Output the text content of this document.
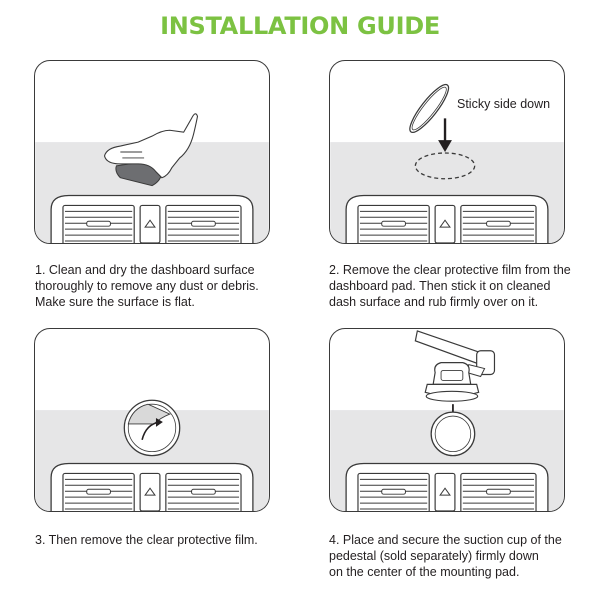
INSTALLATION GUIDE
Sticky side down
1. Clean and dry the dashboard surface
thoroughly to remove any dust or debris.
Make sure the surface is flat.
2. Remove the clear protective film from the
dashboard pad. Then stick it on cleaned
dash surface and rub firmly over on it.
3. Then remove the clear protective film.	4. Place and secure the suction cup of the
pedestal (sold separately) firmly down
on the center of the mounting pad.
